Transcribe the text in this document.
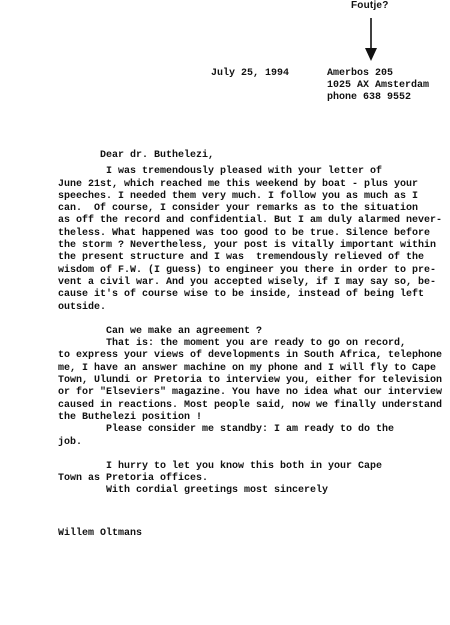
Foutje?
July 25, 1994	Amerbos 205
1025 AX Amsterdam
phone 638 9552
Dear dr. Buthelezi,
I was tremendously pleased with your letter of
June 21st, which reached me this weekend by boat - plus your
speeches. I needed them very much. I follow you as much as I
can.  Of course, I consider your remarks as to the situation
as off the record and confidential. But I am duly alarmed never-
theless. What happened was too good to be true. Silence before
the storm ? Nevertheless, your post is vitally important within
the present structure and I was  tremendously relieved of the
wisdom of F.W. (I guess) to engineer you there in order to pre-
vent a civil war. And you accepted wisely, if I may say so, be-
cause it's of course wise to be inside, instead of being left
outside.
Can we make an agreement ?
That is: the moment you are ready to go on record,
to express your views of developments in South Africa, telephone
me, I have an answer machine on my phone and I will fly to Cape
Town, Ulundi or Pretoria to interview you, either for television
or for "Elseviers" magazine. You have no idea what our interview
caused in reactions. Most people said, now we finally understand
the Buthelezi position !
Please consider me standby: I am ready to do the
job.
I hurry to let you know this both in your Cape
Town as Pretoria offices.
With cordial greetings most sincerely
Willem Oltmans
